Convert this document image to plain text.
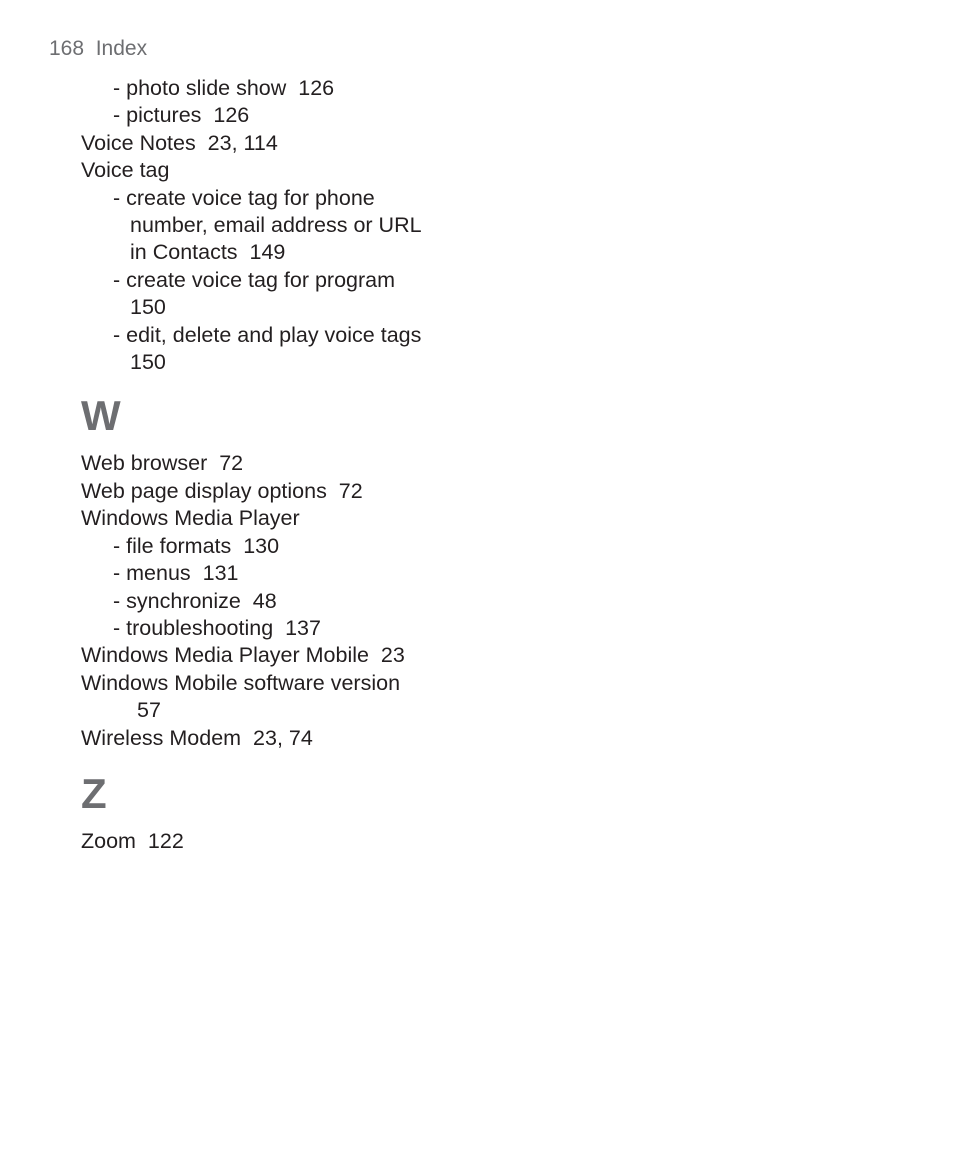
168 Index
- photo slide show  126
- pictures  126
Voice Notes  23, 114
Voice tag
- create voice tag for phone
number, email address or URL
in Contacts  149
- create voice tag for program
150
- edit, delete and play voice tags
150
W
Web browser  72
Web page display options  72
Windows Media Player
- file formats  130
- menus  131
- synchronize  48
- troubleshooting  137
Windows Media Player Mobile  23
Windows Mobile software version
57
Wireless Modem  23, 74
Z
Zoom  122
